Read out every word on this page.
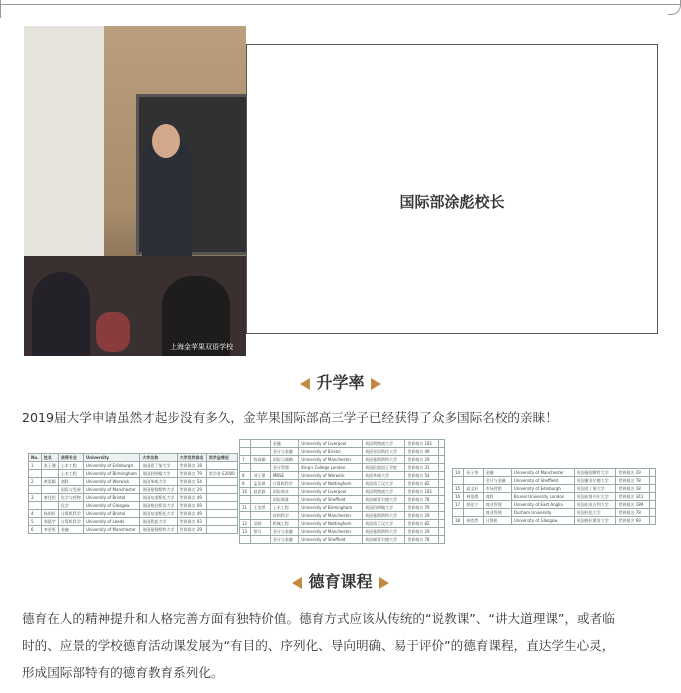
上海金苹果双语学校
国际部涂彪校长
升学率
2019届大学申请虽然才起步没有多久，金苹果国际部高三学子已经获得了众多国际名校的亲睐！
No.	姓名	获得专业	University	大学名称	大学世界排名	奖学金情况
1	张子涵	土木工程	University of Edinburgh	英国爱丁堡大学	世界排名 18	
		土木工程	University of Birmingham	英国伯明翰大学	世界排名 79	奖学金 £2000
2	黄思颖	商科	University of Warwick	英国华威大学	世界排名 54	
		国际与发展	University of Manchester	英国曼彻斯特大学	世界排名 29	
3	唐佳怡	化学与药物	University of Bristol	英国布里斯托大学	世界排名 49	
		化学	University of Glasgow	英国格拉斯哥大学	世界排名 69	
4	杨明轩	计算机科学	University of Bristol	英国布里斯托大学	世界排名 49	
5	周晨宇	计算机科学	University of Leeds	英国利兹大学	世界排名 93	
6	李若彤	金融	University of Manchester	英国曼彻斯特大学	世界排名 29	
		金融	University of Liverpool	英国利物浦大学	世界排名 181	
		会计与金融	University of Bristol	英国布里斯托大学	世界排名 49	
7	陈雨桐	国际与战略	University of Manchester	英国曼彻斯特大学	世界排名 29	
		会计管理	King's College London	英国伦敦国王学院	世界排名 31	
8	刘子墨	MBSE	University of Warwick	英国华威大学	世界排名 54	
9	孟佳琪	计算机科学	University of Nottingham	英国诺丁汉大学	世界排名 82	
10	赵思源	国际商业	University of Liverpool	英国利物浦大学	世界排名 181	
		国际商务	University of Sheffield	英国谢菲尔德大学	世界排名 78	
11	王浩然	土木工程	University of Birmingham	英国伯明翰大学	世界排名 79	
		材料科学	University of Manchester	英国曼彻斯特大学	世界排名 29	
12	吴晓	机械工程	University of Nottingham	英国诺丁汉大学	世界排名 82	
13	徐可	会计与金融	University of Manchester	英国曼彻斯特大学	世界排名 29	
		会计与金融	University of Sheffield	英国谢菲尔德大学	世界排名 78	
14	孙子豪	金融	University of Manchester	英国曼彻斯特大学	世界排名 29	
		会计与金融	University of Sheffield	英国谢菲尔德大学	世界排名 78	
15	高文轩	市场营销	University of Edinburgh	英国爱丁堡大学	世界排名 18	
16	林语嫣	商科	Brunel University London	英国布鲁内尔大学	世界排名 341	
17	郭佳宁	商业管理	University of East Anglia	英国东英吉利大学	世界排名 189	
		商业管理	Durham University	英国杜伦大学	世界排名 78	
18	何欣然	计算机	University of Glasgow	英国格拉斯哥大学	世界排名 69	
德育课程
德育在人的精神提升和人格完善方面有独特价值。德育方式应该从传统的“说教课”、“讲大道理课”，或者临
时的、应景的学校德育活动课发展为“有目的、序列化、导向明确、易于评价”的德育课程，直达学生心灵，
形成国际部特有的德育教育系列化。
